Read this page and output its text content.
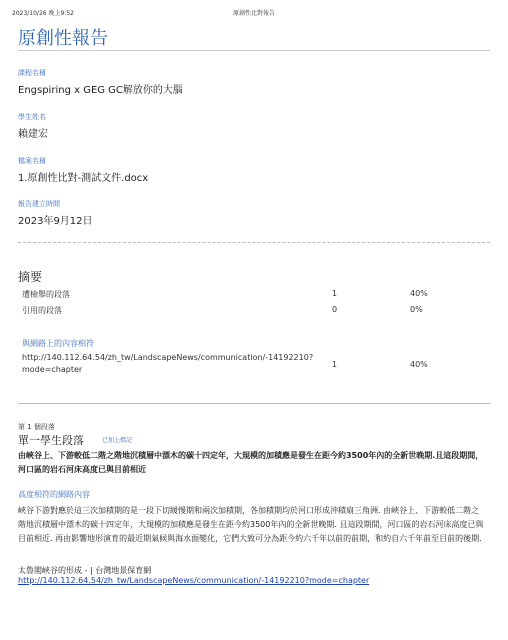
2023/10/26 晚上9:52	原創性比對報告
原創性報告
課程名稱
Engspiring x GEG GC解放你的大腦
學生姓名
賴建宏
檔案名稱
1.原創性比對-測試文件.docx
報告建立時間
2023年9月12日
摘要
遭檢舉的段落	1	40%
引用的段落	0	0%
與網路上的內容相符
http://140.112.64.54/zh_tw/LandscapeNews/communication/-14192210?mode=chapter
1	40%
第 1 個段落
單一學生段落	已加上標記
由峽谷上、下游較低二階之階地沉積層中漂木的碳十四定年，大規模的加積應是發生在距今約3500年內的全新世晚期.且這段期間，河口區的岩石河床高度已與目前相近
高度相符的網路內容
峽谷下游對應於這三次加積期的是一段下切緩慢期和兩次加積期，各加積期均於河口形成沖積扇三角洲. 由峽谷上、下游較低二階之階地沉積層中漂木的碳十四定年，大規模的加積應是發生在距今約3500年內的全新世晚期. 且這段期間，河口區的岩石河床高度已與目前相近. 再由影響地形演育的最近期氣候與海水面變化，它們大致可分為距今約六千年以前的前期，和約自六千年前至目前的後期.
太魯閣峽谷的形成 - | 台灣地景保育網
http://140.112.64.54/zh_tw/LandscapeNews/communication/-14192210?mode=chapter
